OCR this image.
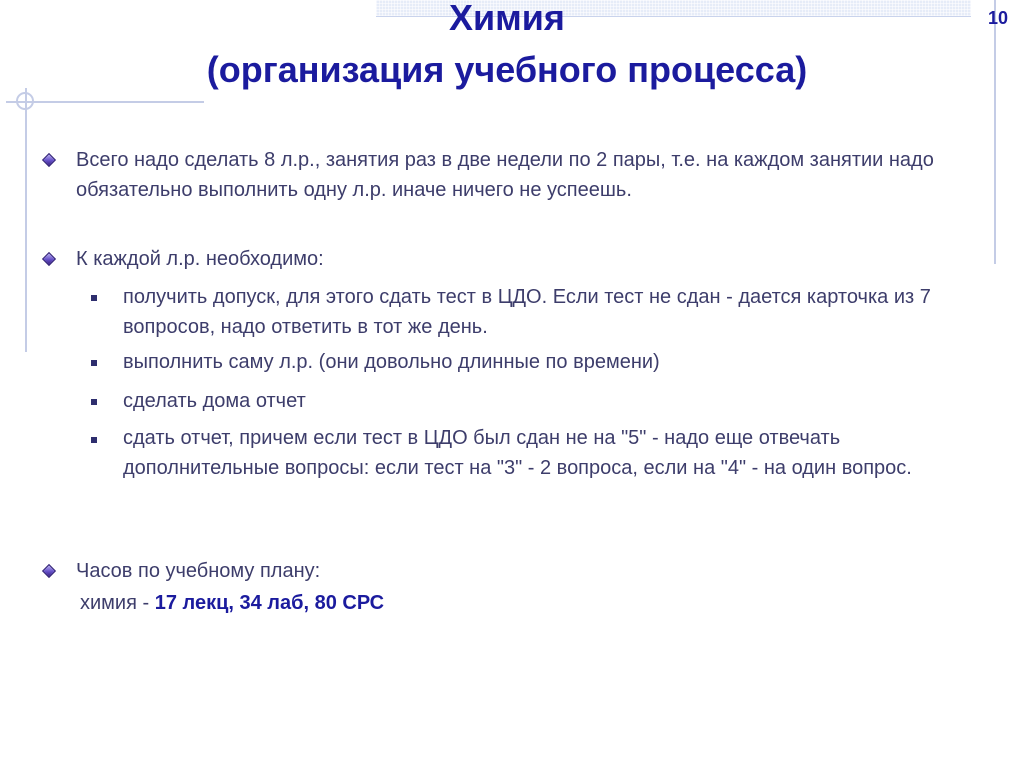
Химия
(организация учебного процесса)
10
Всего надо сделать 8 л.р., занятия раз в две недели по 2 пары, т.е. на каждом занятии надо обязательно выполнить одну л.р. иначе ничего не успеешь.
К каждой л.р. необходимо:
получить допуск, для этого сдать тест в ЦДО. Если тест не сдан - дается карточка из 7 вопросов, надо ответить в тот же день.
выполнить саму л.р. (они довольно длинные по времени)
сделать дома отчет
сдать отчет, причем если тест в ЦДО был сдан не на "5" - надо еще отвечать дополнительные вопросы: если тест на "3" - 2 вопроса, если на "4" - на один вопрос.
Часов по учебному плану:
химия - 17 лекц, 34 лаб, 80 СРС
